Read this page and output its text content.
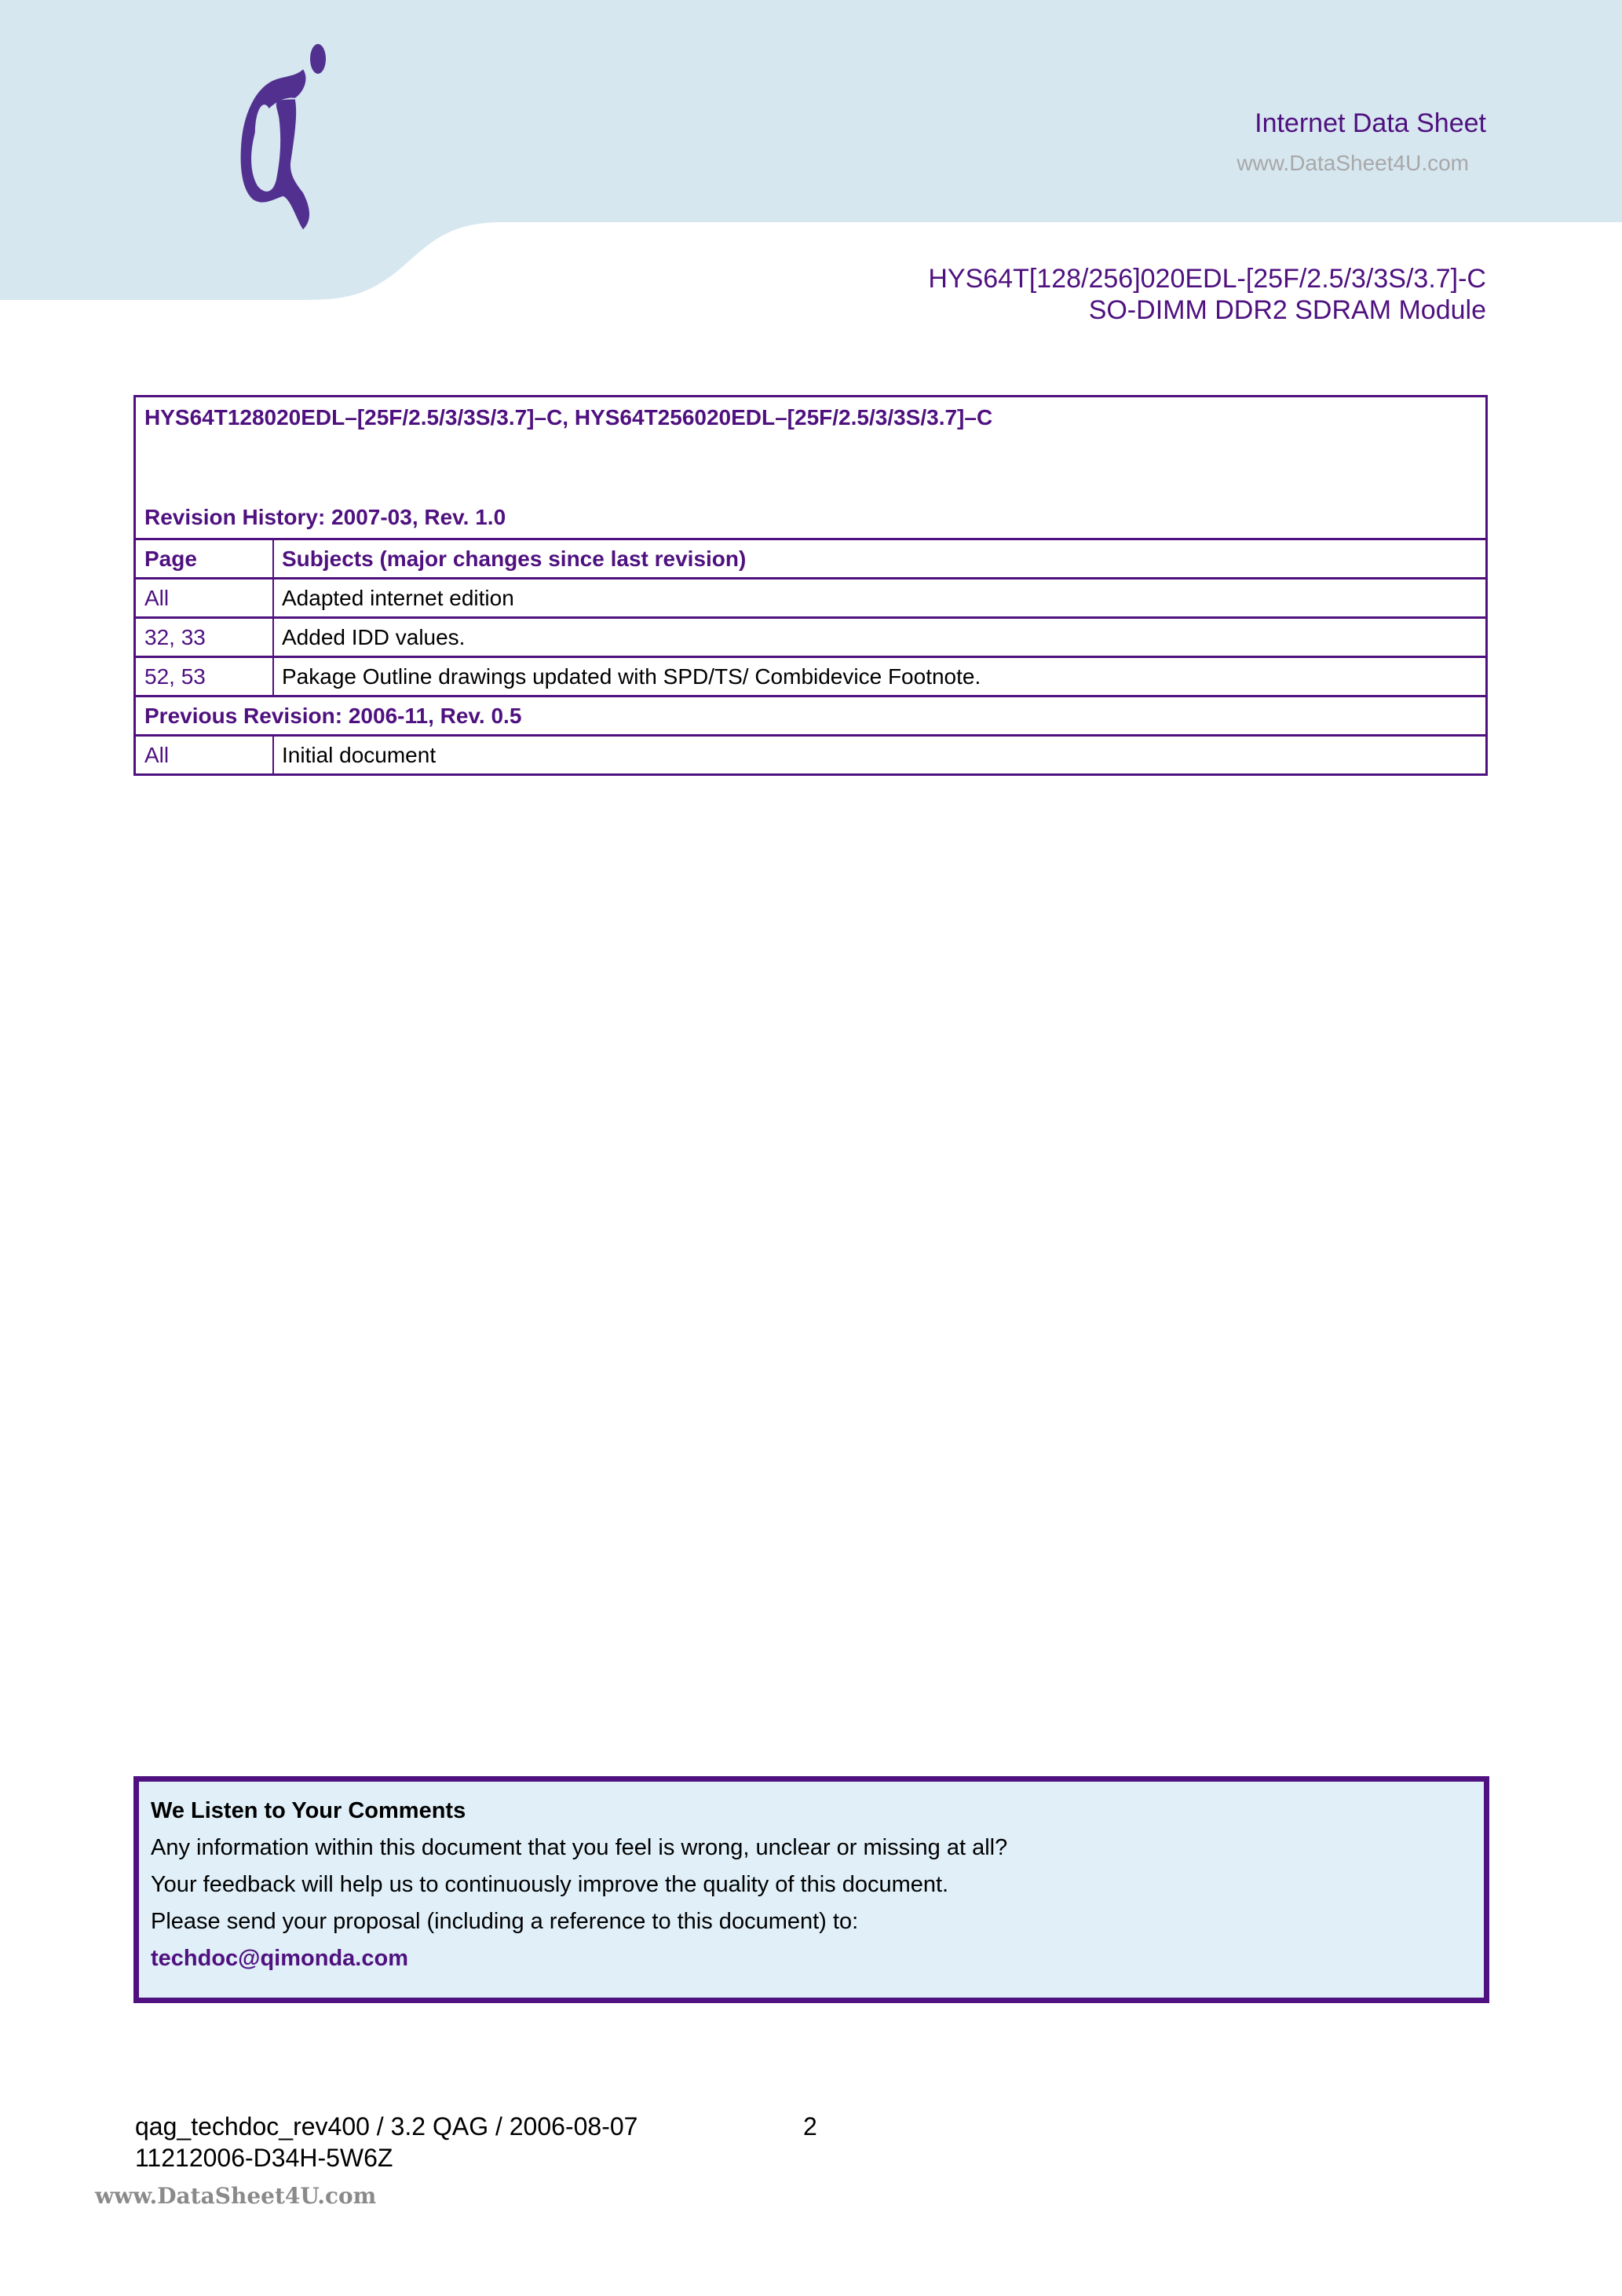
Internet Data Sheet
www.DataSheet4U.com
HYS64T[128/256]020EDL-[25F/2.5/3/3S/3.7]-C
SO-DIMM DDR2 SDRAM Module
HYS64T128020EDL–[25F/2.5/3/3S/3.7]–C, HYS64T256020EDL–[25F/2.5/3/3S/3.7]–C
Revision History: 2007-03, Rev. 1.0
Page	Subjects (major changes since last revision)
All	Adapted internet edition
32, 33	Added IDD values.
52, 53	Pakage Outline drawings updated with SPD/TS/ Combidevice Footnote.
Previous Revision: 2006-11, Rev. 0.5
All	Initial document
We Listen to Your Comments
Any information within this document that you feel is wrong, unclear or missing at all?
Your feedback will help us to continuously improve the quality of this document.
Please send your proposal (including a reference to this document) to:
techdoc@qimonda.com
qag_techdoc_rev400 / 3.2 QAG / 2006-08-07	2
11212006-D34H-5W6Z
www.DataSheet4U.com
